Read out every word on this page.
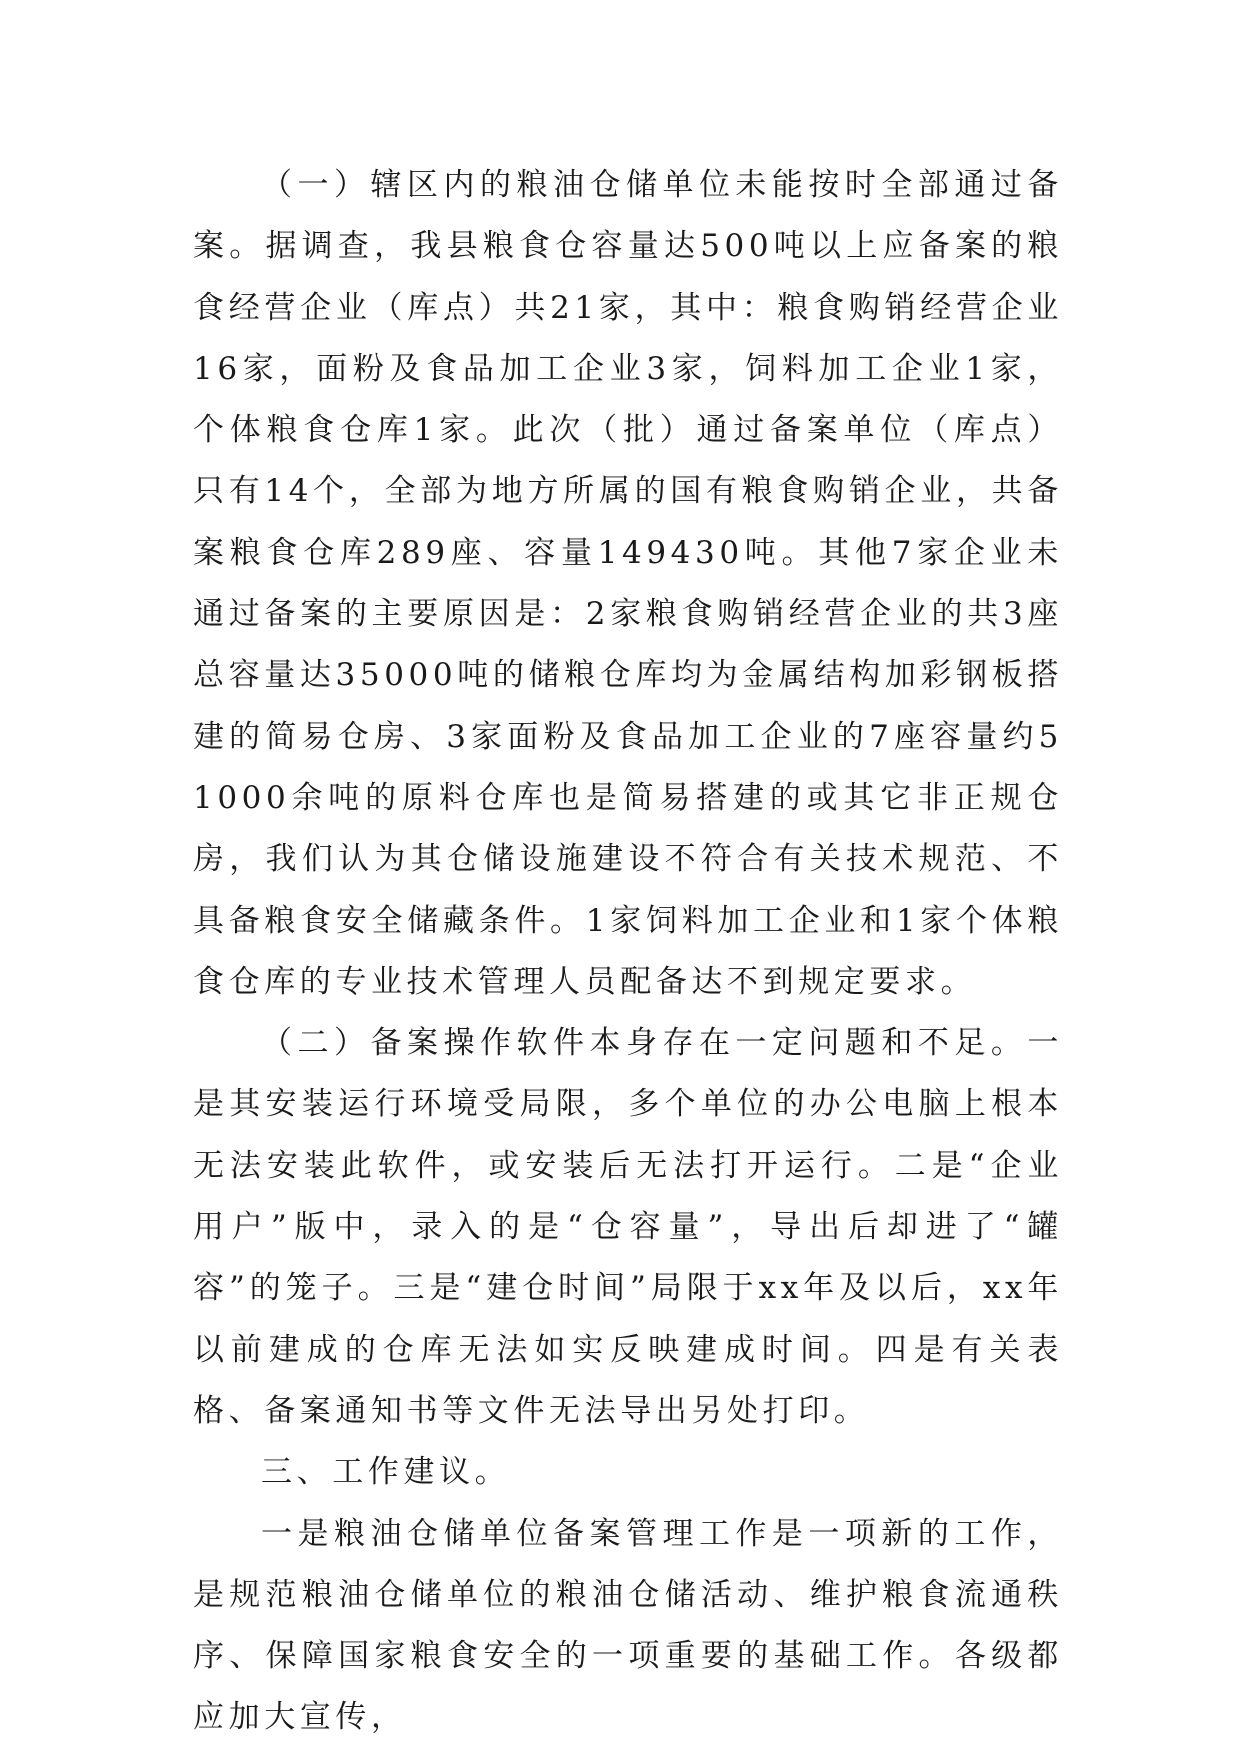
（一）辖区内的粮油仓储单位未能按时全部通过备案。据调查，我县粮食仓容量达500吨以上应备案的粮食经营企业（库点）共21家，其中：粮食购销经营企业16家，面粉及食品加工企业3家，饲料加工企业1家，个体粮食仓库1家。此次（批）通过备案单位（库点）只有14个，全部为地方所属的国有粮食购销企业，共备案粮食仓库289座、容量149430吨。其他7家企业未通过备案的主要原因是：2家粮食购销经营企业的共3座总容量达35000吨的储粮仓库均为金属结构加彩钢板搭建的简易仓房、3家面粉及食品加工企业的7座容量约51000余吨的原料仓库也是简易搭建的或其它非正规仓房，我们认为其仓储设施建设不符合有关技术规范、不具备粮食安全储藏条件。1家饲料加工企业和1家个体粮食仓库的专业技术管理人员配备达不到规定要求。

（二）备案操作软件本身存在一定问题和不足。一是其安装运行环境受局限，多个单位的办公电脑上根本无法安装此软件，或安装后无法打开运行。二是“企业用户”版中，录入的是“仓容量”，导出后却进了“罐容”的笼子。三是“建仓时间”局限于xx年及以后，xx年以前建成的仓库无法如实反映建成时间。四是有关表格、备案通知书等文件无法导出另处打印。

三、工作建议。

一是粮油仓储单位备案管理工作是一项新的工作，是规范粮油仓储单位的粮油仓储活动、维护粮食流通秩序、保障国家粮食安全的一项重要的基础工作。各级都应加大宣传，
